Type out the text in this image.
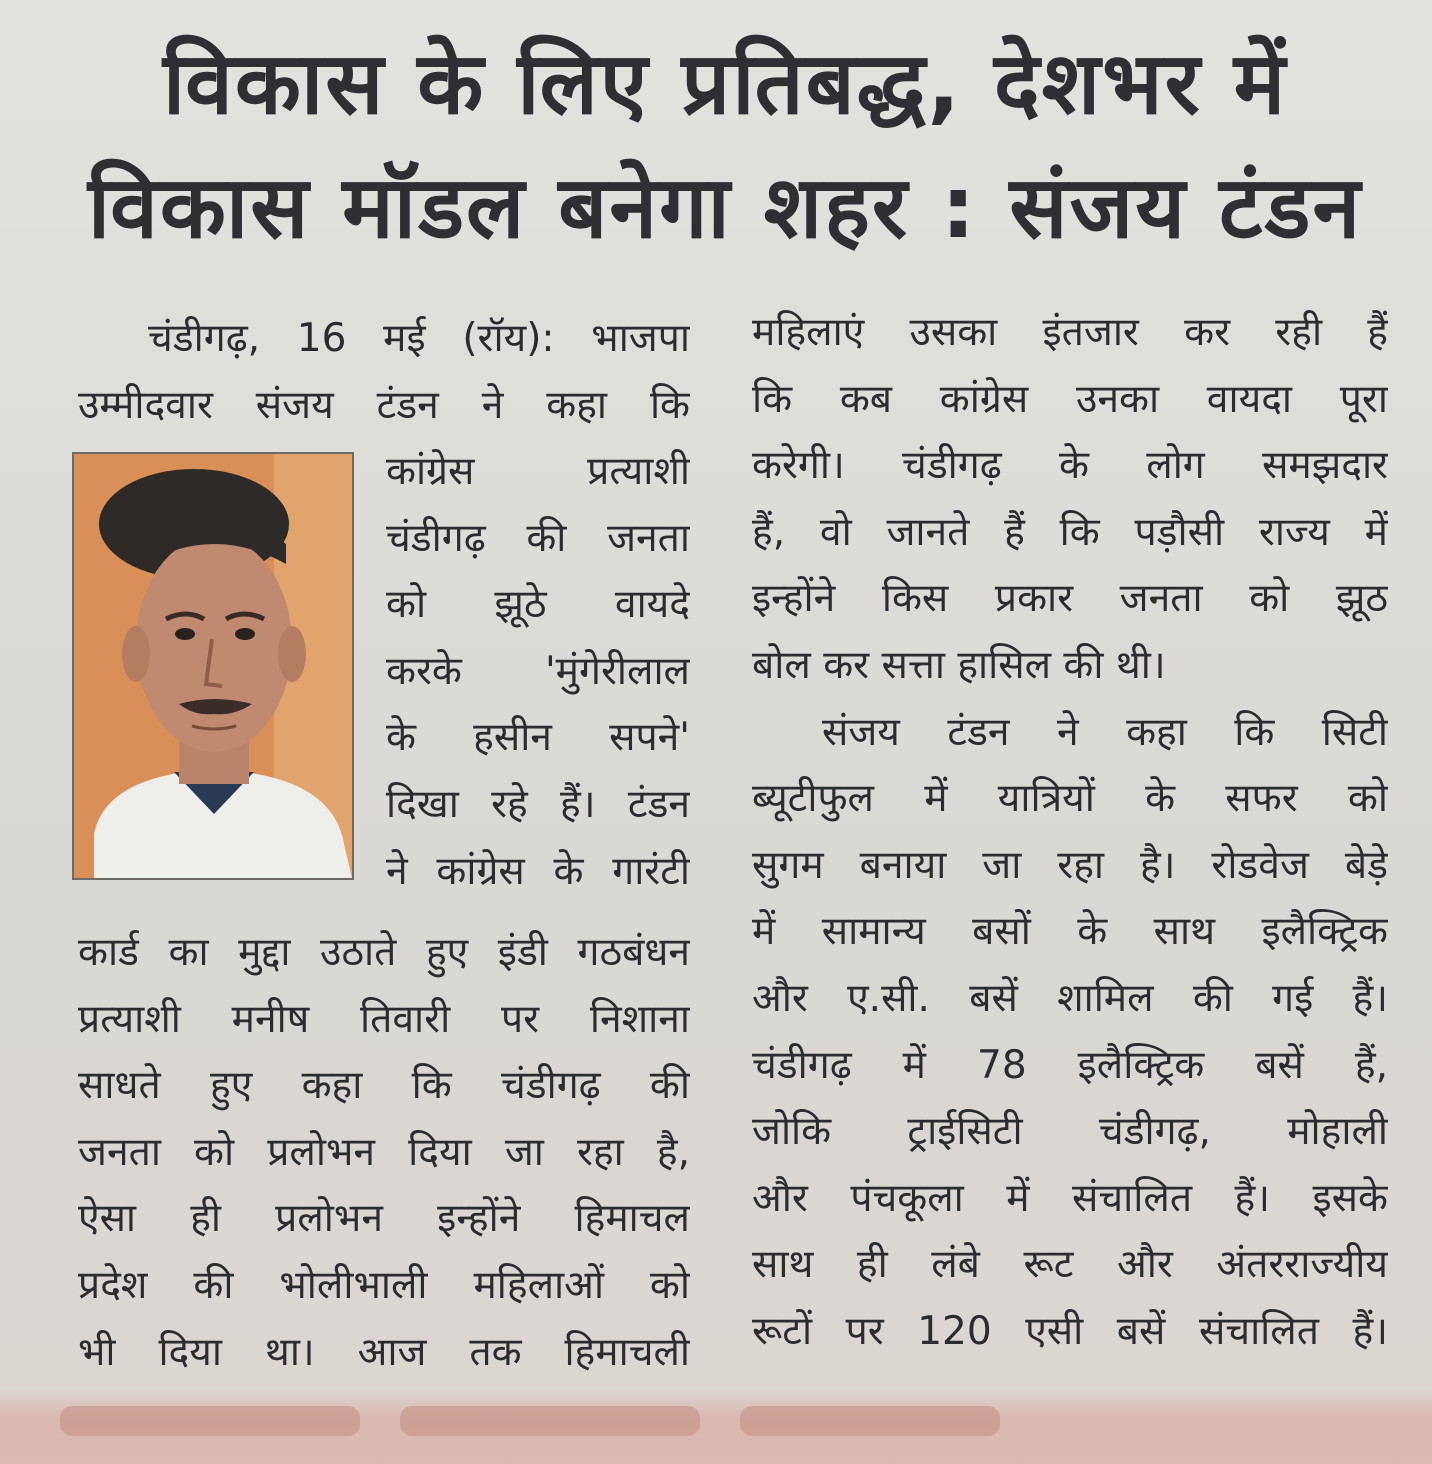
विकास के लिए प्रतिबद्ध, देशभर में
विकास मॉडल बनेगा शहर : संजय टंडन
चंडीगढ़, 16 मई (रॉय): भाजपा
उम्मीदवार संजय टंडन ने कहा कि
कांग्रेस प्रत्याशी
चंडीगढ़ की जनता
को झूठे वायदे
करके 'मुंगेरीलाल
के हसीन सपने'
दिखा रहे हैं। टंडन
ने कांग्रेस के गारंटी
कार्ड का मुद्दा उठाते हुए इंडी गठबंधन
प्रत्याशी मनीष तिवारी पर निशाना
साधते हुए कहा कि चंडीगढ़ की
जनता को प्रलोभन दिया जा रहा है,
ऐसा ही प्रलोभन इन्होंने हिमाचल
प्रदेश की भोलीभाली महिलाओं को
भी दिया था। आज तक हिमाचली
महिलाएं उसका इंतजार कर रही हैं
कि कब कांग्रेस उनका वायदा पूरा
करेगी। चंडीगढ़ के लोग समझदार
हैं, वो जानते हैं कि पड़ौसी राज्य में
इन्होंने किस प्रकार जनता को झूठ
बोल कर सत्ता हासिल की थी।
संजय टंडन ने कहा कि सिटी
ब्यूटीफुल में यात्रियों के सफर को
सुगम बनाया जा रहा है। रोडवेज बेड़े
में सामान्य बसों के साथ इलैक्ट्रिक
और ए.सी. बसें शामिल की गई हैं।
चंडीगढ़ में 78 इलैक्ट्रिक बसें हैं,
जोकि ट्राईसिटी चंडीगढ़, मोहाली
और पंचकूला में संचालित हैं। इसके
साथ ही लंबे रूट और अंतरराज्यीय
रूटों पर 120 एसी बसें संचालित हैं।
